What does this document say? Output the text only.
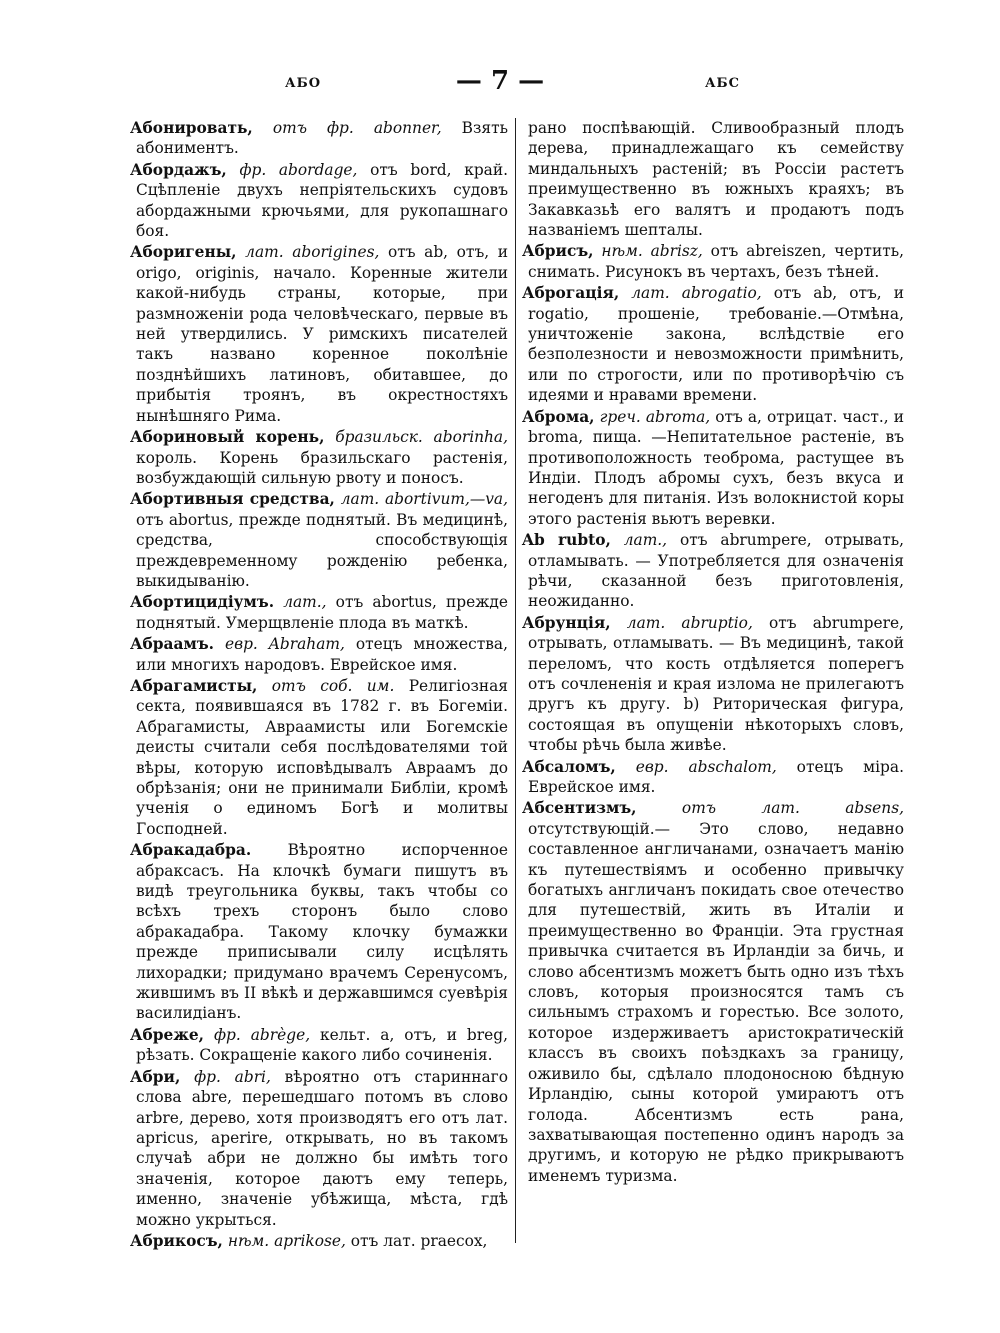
АБО	— 7 —	АБС

Абонировать, отъ фр. abonner, Взять абониментъ.

Абордажъ, фр. abordage, отъ bord, край. Сцѣпленіе двухъ непріятельскихъ судовъ абордажными крючьями, для рукопашнаго боя.

Аборигены, лат. aborigines, отъ ab, отъ, и origo, originis, начало. Коренные жители какой-нибудь страны, которые, при размноженіи рода человѣческаго, первые въ ней утвердились. У римскихъ писателей такъ названо коренное поколѣніе позднѣйшихъ латиновъ, обитавшее, до прибытія троянъ, въ окрестностяхъ нынѣшняго Рима.

Абориновый корень, бразильск. aborinha, король. Корень бразильскаго растенія, возбуждающій сильную рвоту и поносъ.

Абортивныя средства, лат. abortivum,—va, отъ abortus, прежде поднятый. Въ медицинѣ, средства, способствующія преждевременному рожденію ребенка, выкидыванію.

Абортицидіумъ. лат., отъ abortus, прежде поднятый. Умерщвленіе плода въ маткѣ.

Абраамъ. евр. Abraham, отецъ множества, или многихъ народовъ. Еврейское имя.

Абрагамисты, отъ соб. им. Религіозная секта, появившаяся въ 1782 г. въ Богеміи. Абрагамисты, Авраамисты или Богемскіе деисты считали себя послѣдователями той вѣры, которую исповѣдывалъ Авраамъ до обрѣзанія; они не принимали Библіи, кромѣ ученія о единомъ Богѣ и молитвы Господней.

Абракадабра. Вѣроятно испорченное абраксасъ. На клочкѣ бумаги пишутъ въ видѣ треугольника буквы, такъ чтобы со всѣхъ трехъ сторонъ было слово абракадабра. Такому клочку бумажки прежде приписывали силу исцѣлять лихорадки; придумано врачемъ Серенусомъ, жившимъ въ II вѣкѣ и державшимся суевѣрія василидіанъ.

Абреже, фр. abrège, кельт. а, отъ, и breg, рѣзать. Сокращеніе какого либо сочиненія.

Абри, фр. abri, вѣроятно отъ стариннаго слова abre, перешедшаго потомъ въ слово arbre, дерево, хотя производятъ его отъ лат. apricus, aperire, открывать, но въ такомъ случаѣ абри не должно бы имѣть того значенія, которое даютъ ему теперь, именно, значеніе убѣжища, мѣста, гдѣ можно укрыться.

Абрикосъ, нѣм. aprikose, отъ лат. praecox,

рано поспѣвающій. Сливообразный плодъ дерева, принадлежащаго къ семейству миндальныхъ растеній; въ Россіи растетъ преимущественно въ южныхъ краяхъ; въ Закавказьѣ его валятъ и продаютъ подъ названіемъ шепталы.

Абрисъ, нѣм. abrisz, отъ abreiszen, чертить, снимать. Рисунокъ въ чертахъ, безъ тѣней.

Аброгація, лат. abrogatio, отъ ab, отъ, и rogatio, прошеніе, требованіе.—Отмѣна, уничтоженіе закона, вслѣдствіе его безполезности и невозможности примѣнить, или по строгости, или по противорѣчію съ идеями и нравами времени.

Аброма, греч. abroma, отъ а, отрицат. част., и broma, пища. —Непитательное растеніе, въ противоположность теоброма, растущее въ Индіи. Плодъ абромы сухъ, безъ вкуса и негоденъ для питанія. Изъ волокнистой коры этого растенія вьютъ веревки.

Ab rubto, лат., отъ abrumpere, отрывать, отламывать. — Употребляется для означенія рѣчи, сказанной безъ приготовленія, неожиданно.

Абрунція, лат. abruptio, отъ abrumpere, отрывать, отламывать. — Въ медицинѣ, такой переломъ, что кость отдѣляется поперегъ отъ сочлененія и края излома не прилегаютъ другъ къ другу. b) Риторическая фигура, состоящая въ опущеніи нѣкоторыхъ словъ, чтобы рѣчь была живѣе.

Абсаломъ, евр. abschalom, отецъ міра. Еврейское имя.

Абсентизмъ,	отъ лат. absens, отсутствующій.— Это слово, недавно составленное англичанами, означаетъ манію къ путешествіямъ и особенно привычку богатыхъ англичанъ покидать свое отечество для путешествій, жить въ Италіи и преимущественно во Франціи. Эта грустная привычка считается въ Ирландіи за бичь, и слово абсентизмъ можетъ быть одно изъ тѣхъ словъ, которыя произносятся тамъ съ сильнымъ страхомъ и горестью. Все золото, которое издерживаетъ аристократическій классъ въ своихъ поѣздкахъ за границу, оживило бы, сдѣлало плодоносною бѣдную Ирландію, сыны которой умираютъ отъ голода. Абсентизмъ есть рана, захватывающая постепенно одинъ народъ за другимъ, и которую не рѣдко прикрываютъ именемъ туризма.
